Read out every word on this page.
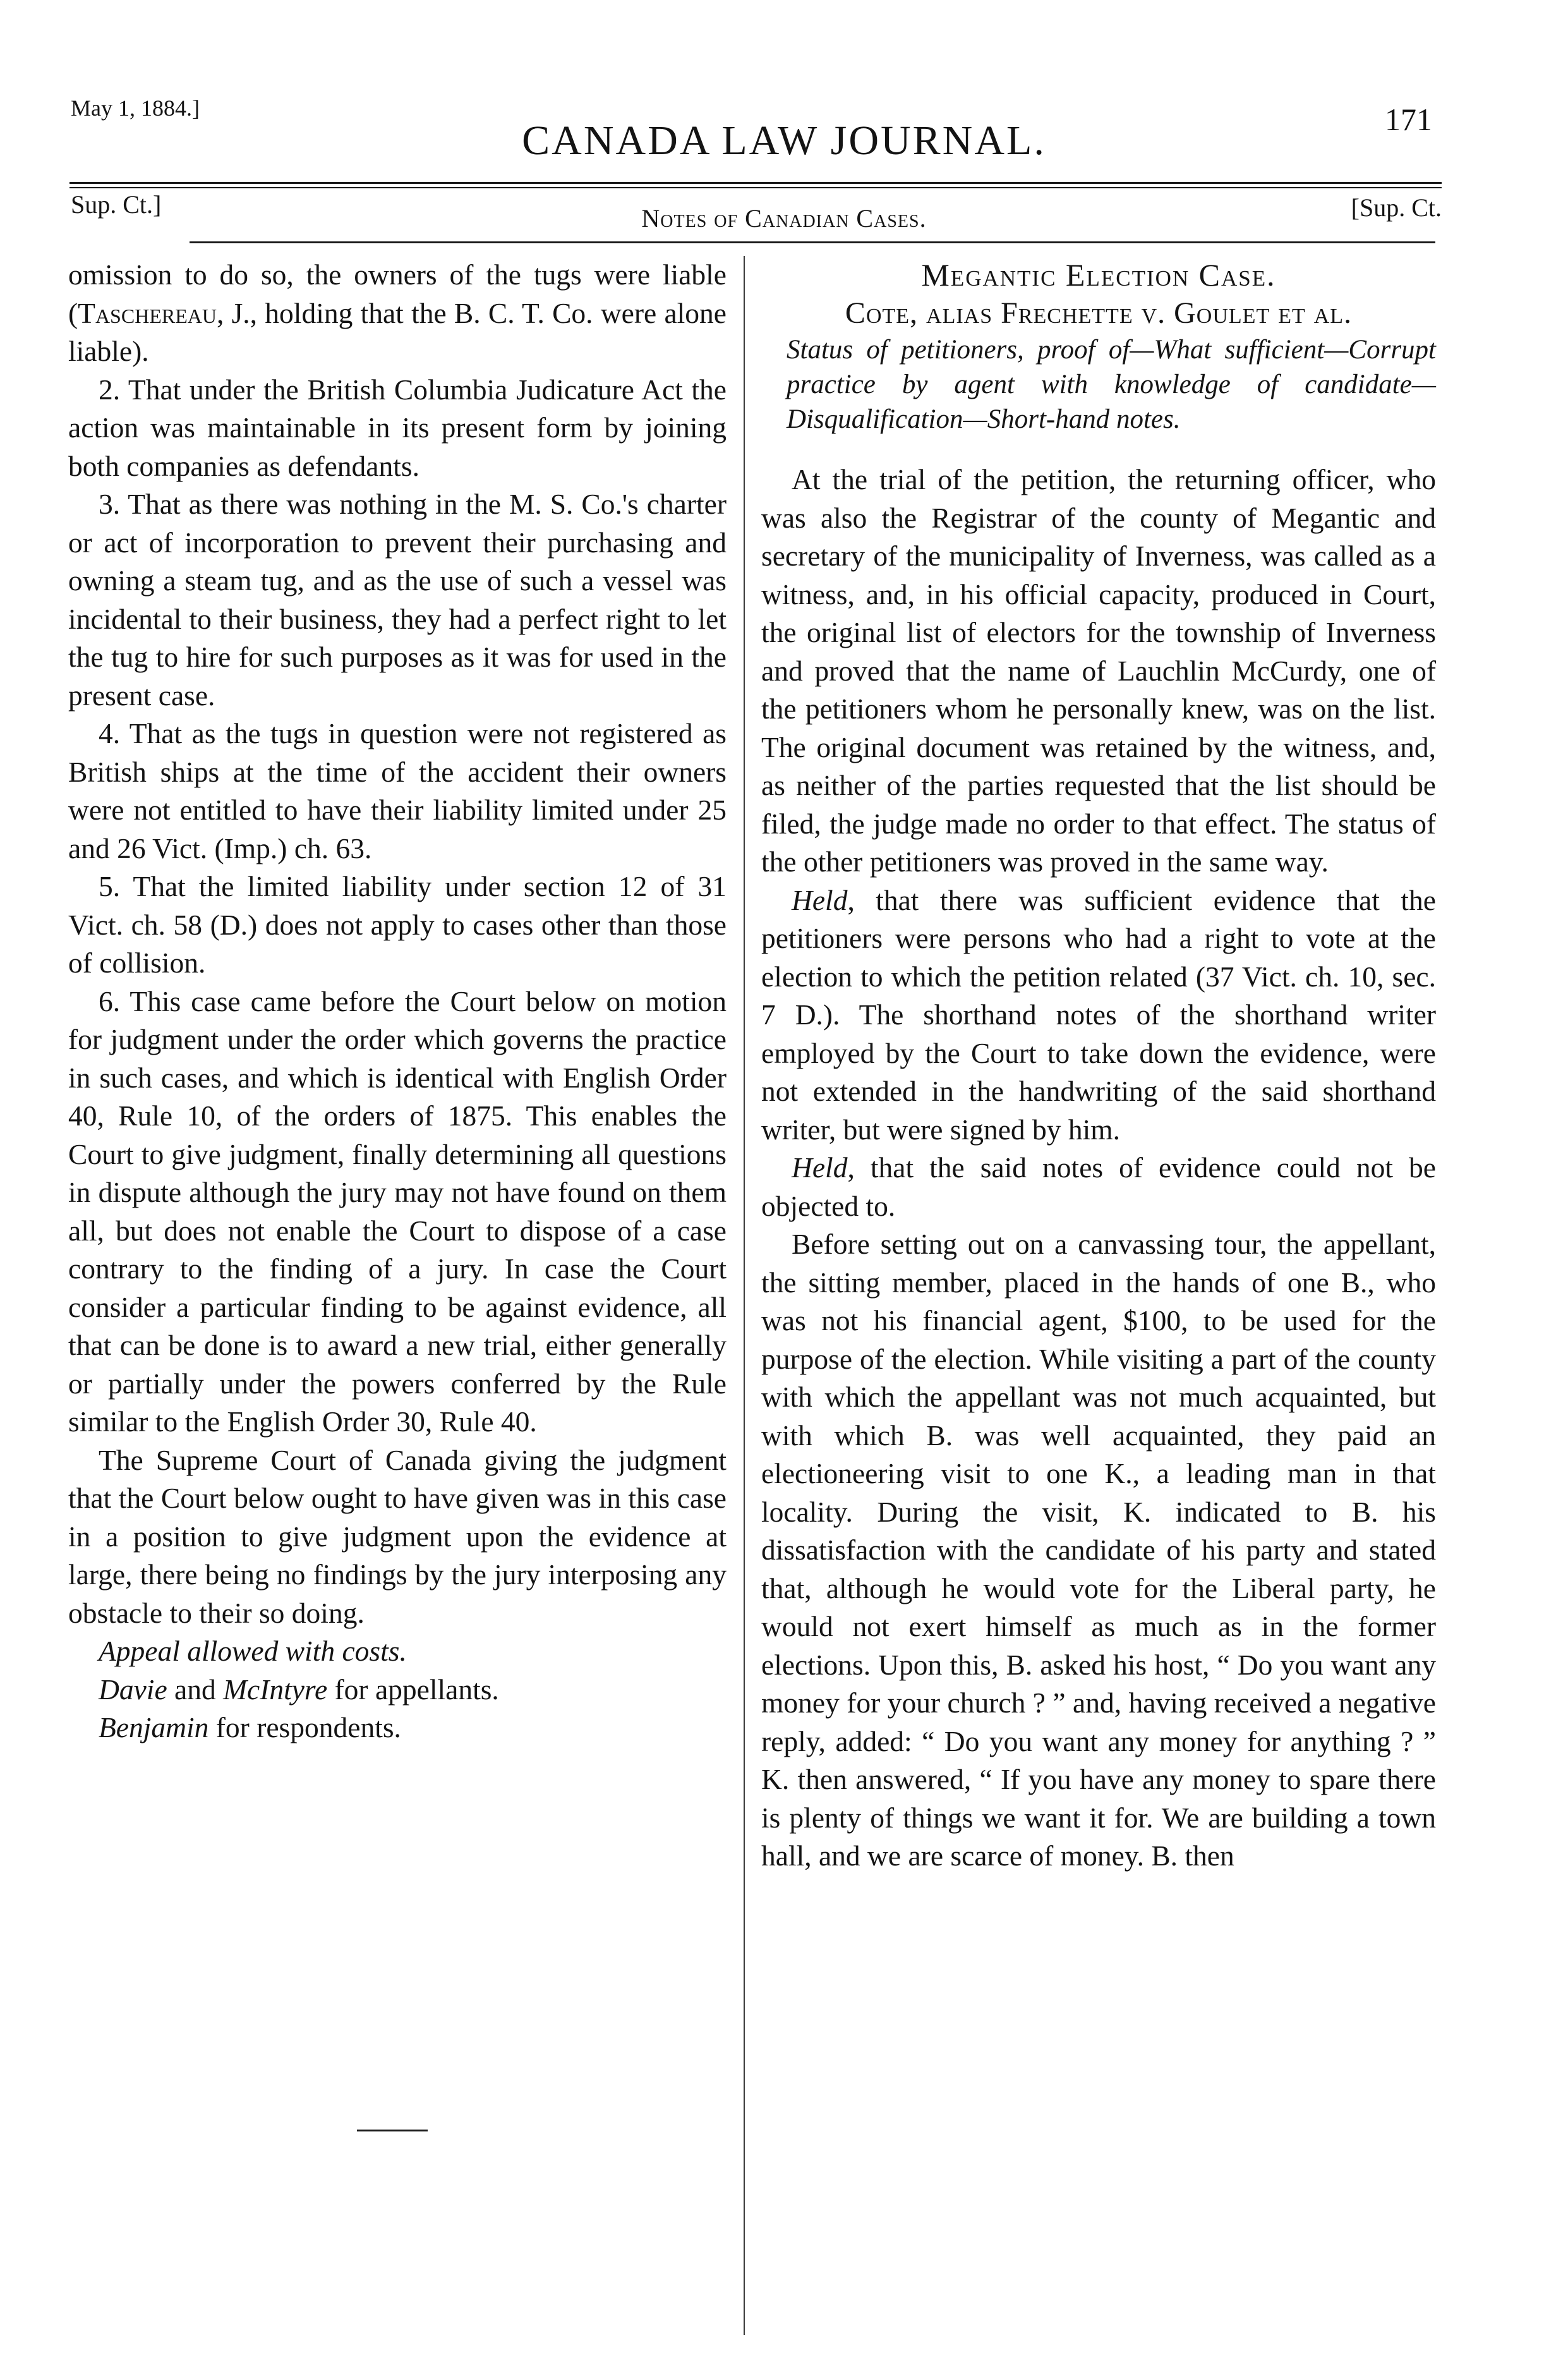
May 1, 1884.]
CANADA LAW JOURNAL.	171
Sup. Ct.]	Notes of Canadian Cases.	[Sup. Ct.

omission to do so, the owners of the tugs were liable (Taschereau, J., holding that the B. C. T. Co. were alone liable).

2. That under the British Columbia Judicature Act the action was maintainable in its present form by joining both companies as defendants.

3. That as there was nothing in the M. S. Co.'s charter or act of incorporation to prevent their purchasing and owning a steam tug, and as the use of such a vessel was incidental to their business, they had a perfect right to let the tug to hire for such purposes as it was for used in the present case.

4. That as the tugs in question were not registered as British ships at the time of the accident their owners were not entitled to have their liability limited under 25 and 26 Vict. (Imp.) ch. 63.

5. That the limited liability under section 12 of 31 Vict. ch. 58 (D.) does not apply to cases other than those of collision.

6. This case came before the Court below on motion for judgment under the order which governs the practice in such cases, and which is identical with English Order 40, Rule 10, of the orders of 1875. This enables the Court to give judgment, finally determining all questions in dispute although the jury may not have found on them all, but does not enable the Court to dispose of a case contrary to the finding of a jury. In case the Court consider a particular finding to be against evidence, all that can be done is to award a new trial, either generally or partially under the powers conferred by the Rule similar to the English Order 30, Rule 40.

The Supreme Court of Canada giving the judgment that the Court below ought to have given was in this case in a position to give judgment upon the evidence at large, there being no findings by the jury interposing any obstacle to their so doing.

Appeal allowed with costs.

Davie and McIntyre for appellants.

Benjamin for respondents.

Megantic Election Case.

Cote, alias Frechette v. Goulet et al.

Status of petitioners, proof of—What sufficient—Corrupt practice by agent with knowledge of candidate—Disqualification—Short-hand notes.

At the trial of the petition, the returning officer, who was also the Registrar of the county of Megantic and secretary of the municipality of Inverness, was called as a witness, and, in his official capacity, produced in Court, the original list of electors for the township of Inverness and proved that the name of Lauchlin McCurdy, one of the petitioners whom he personally knew, was on the list. The original document was retained by the witness, and, as neither of the parties requested that the list should be filed, the judge made no order to that effect. The status of the other petitioners was proved in the same way.

Held, that there was sufficient evidence that the petitioners were persons who had a right to vote at the election to which the petition related (37 Vict. ch. 10, sec. 7 D.). The shorthand notes of the shorthand writer employed by the Court to take down the evidence, were not extended in the handwriting of the said shorthand writer, but were signed by him.

Held, that the said notes of evidence could not be objected to.

Before setting out on a canvassing tour, the appellant, the sitting member, placed in the hands of one B., who was not his financial agent, $100, to be used for the purpose of the election. While visiting a part of the county with which the appellant was not much acquainted, but with which B. was well acquainted, they paid an electioneering visit to one K., a leading man in that locality. During the visit, K. indicated to B. his dissatisfaction with the candidate of his party and stated that, although he would vote for the Liberal party, he would not exert himself as much as in the former elections. Upon this, B. asked his host, “ Do you want any money for your church ? ” and, having received a negative reply, added: “ Do you want any money for anything ? ” K. then answered, “ If you have any money to spare there is plenty of things we want it for. We are building a town hall, and we are scarce of money. B. then
